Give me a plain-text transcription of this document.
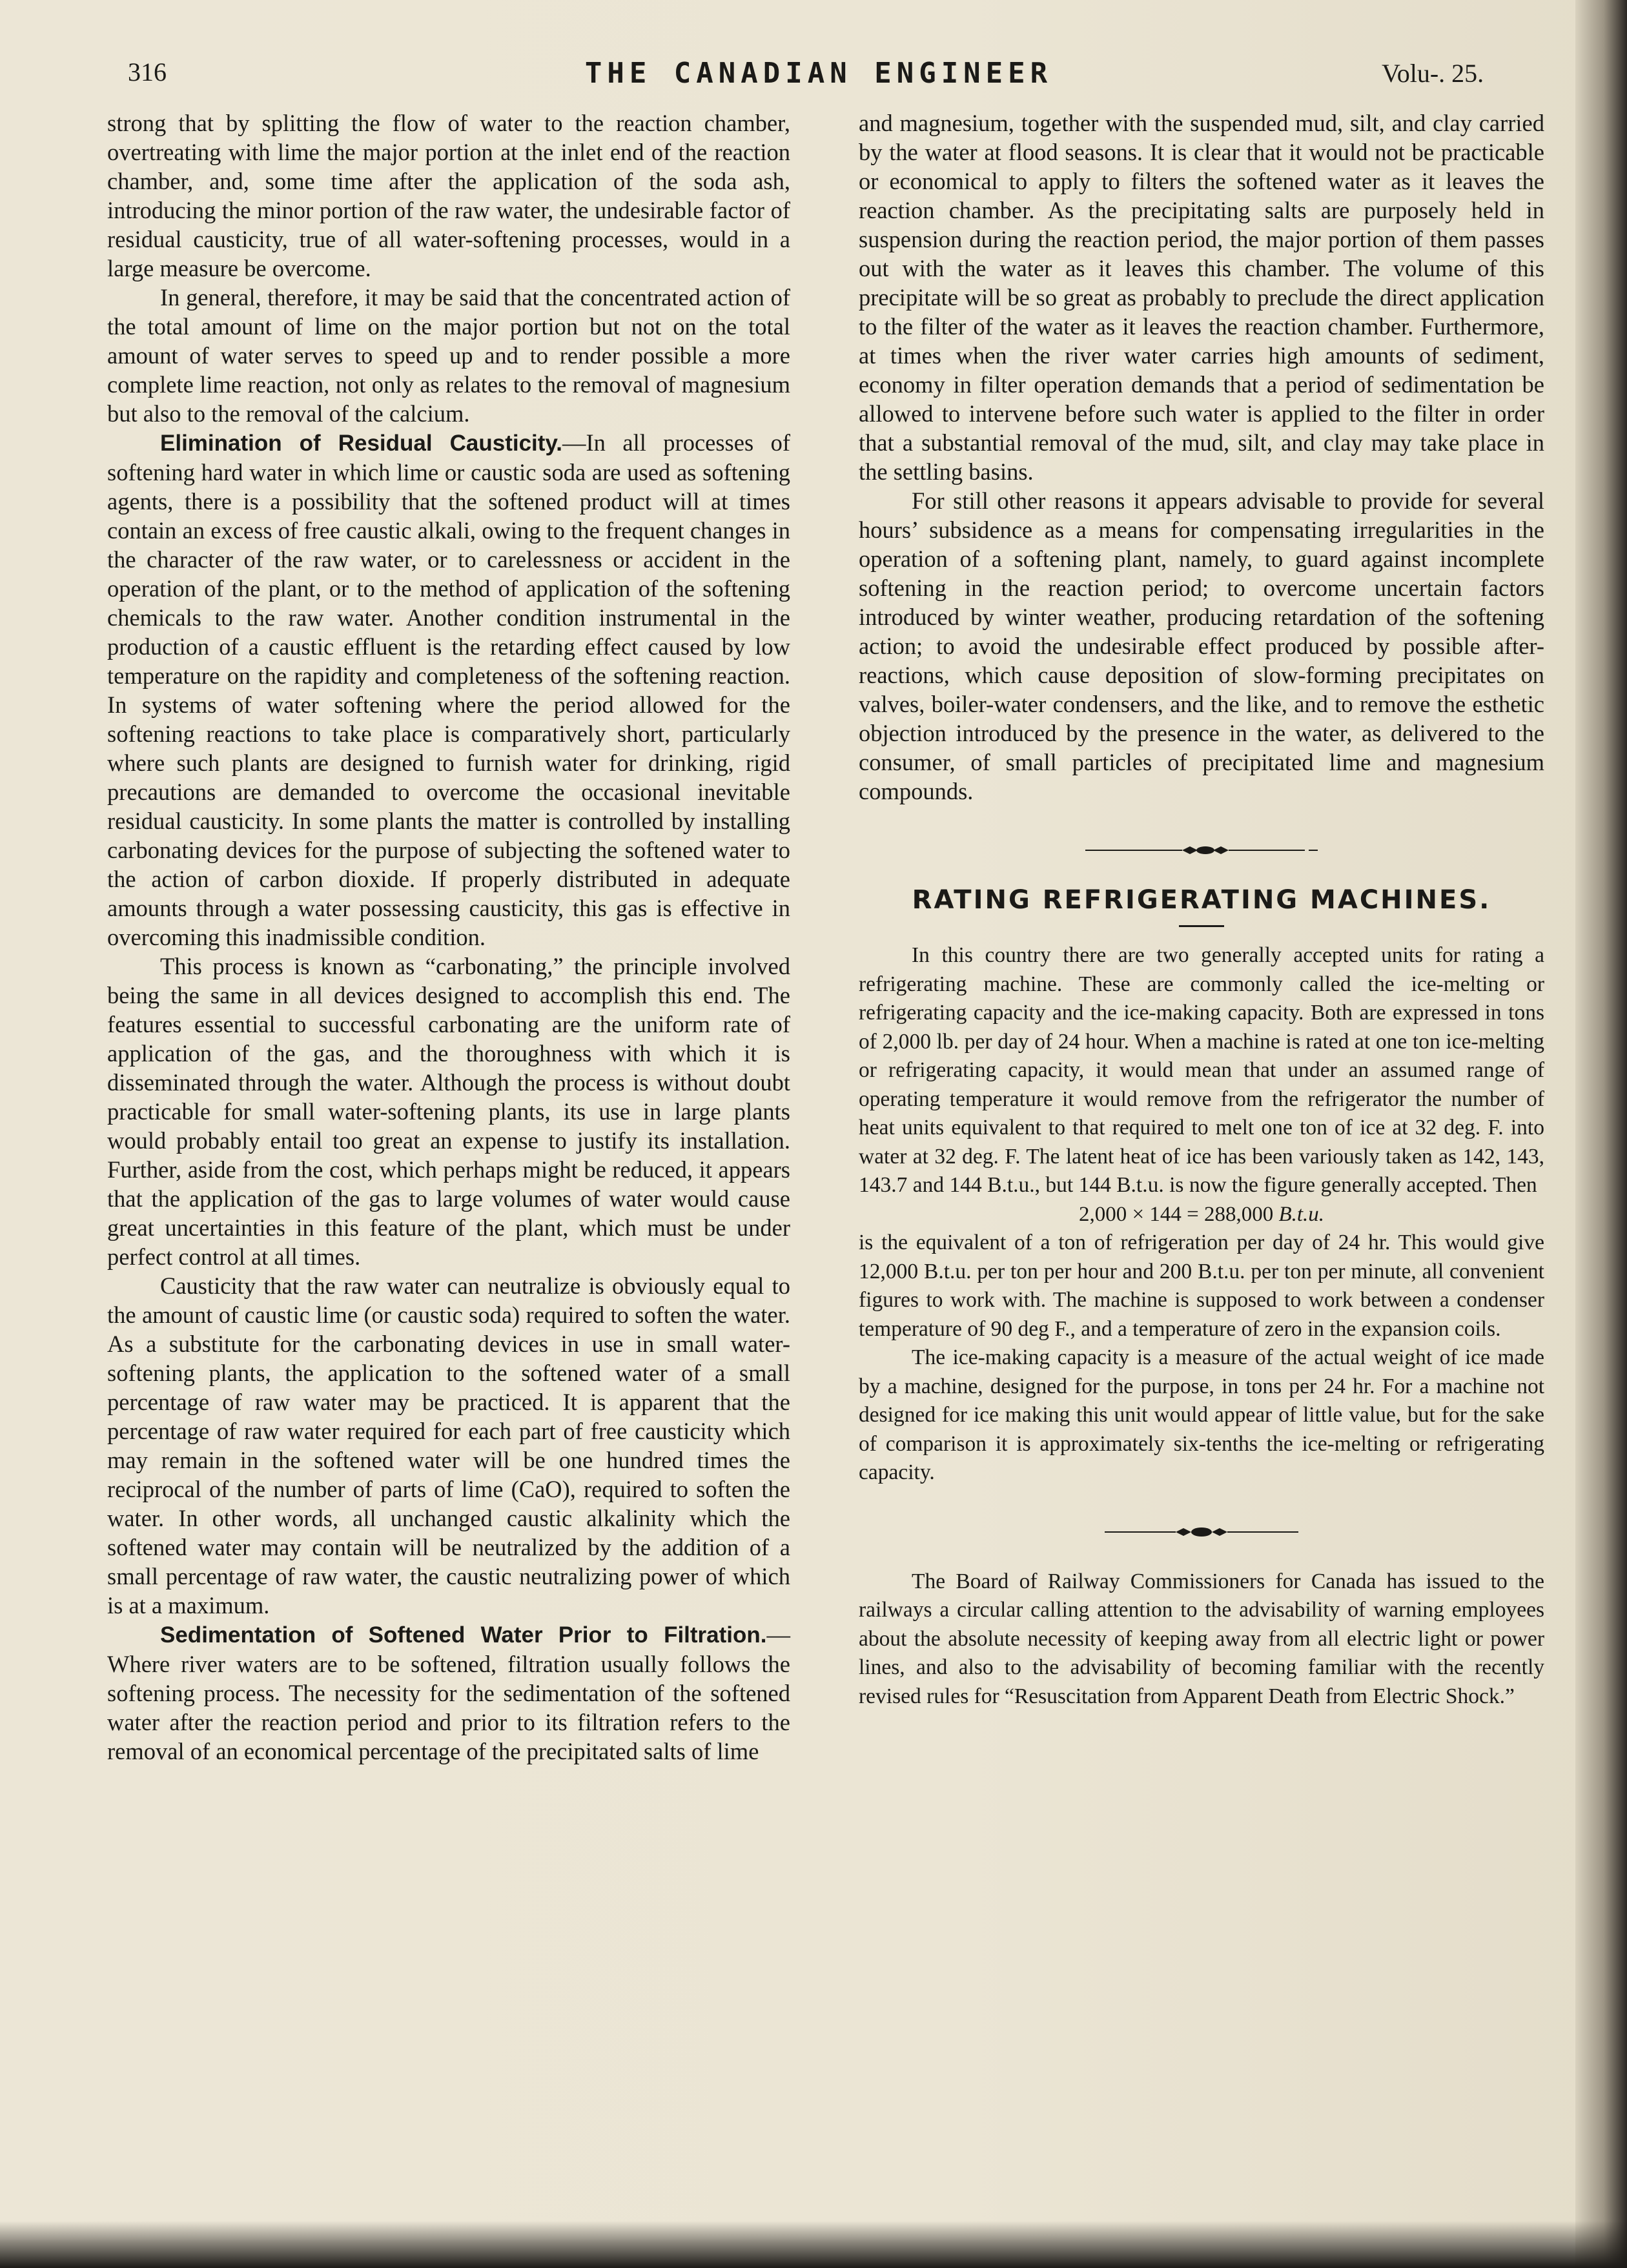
316	THE CANADIAN ENGINEER	Volu‐. 25.

strong that by splitting the flow of water to the reaction chamber, overtreating with lime the major portion at the inlet end of the reaction chamber, and, some time after the application of the soda ash, introducing the minor portion of the raw water, the undesirable factor of residual causticity, true of all water-softening processes, would in a large measure be overcome.

In general, therefore, it may be said that the concentrated action of the total amount of lime on the major portion but not on the total amount of water serves to speed up and to render possible a more complete lime reaction, not only as relates to the removal of magnesium but also to the removal of the calcium.

Elimination of Residual Causticity.—In all processes of softening hard water in which lime or caustic soda are used as softening agents, there is a possibility that the softened product will at times contain an excess of free caustic alkali, owing to the frequent changes in the character of the raw water, or to carelessness or accident in the operation of the plant, or to the method of application of the softening chemicals to the raw water. Another condition instrumental in the production of a caustic effluent is the retarding effect caused by low temperature on the rapidity and completeness of the softening reaction. In systems of water softening where the period allowed for the softening reactions to take place is comparatively short, particularly where such plants are designed to furnish water for drinking, rigid precautions are demanded to overcome the occasional inevitable residual causticity. In some plants the matter is controlled by installing carbonating devices for the purpose of subjecting the softened water to the action of carbon dioxide. If properly distributed in adequate amounts through a water possessing causticity, this gas is effective in overcoming this inadmissible condition.

This process is known as “carbonating,” the principle involved being the same in all devices designed to accomplish this end. The features essential to successful carbonating are the uniform rate of application of the gas, and the thoroughness with which it is disseminated through the water. Although the process is without doubt practicable for small water-softening plants, its use in large plants would probably entail too great an expense to justify its installation. Further, aside from the cost, which perhaps might be reduced, it appears that the application of the gas to large volumes of water would cause great uncertainties in this feature of the plant, which must be under perfect control at all times.

Causticity that the raw water can neutralize is obviously equal to the amount of caustic lime (or caustic soda) required to soften the water. As a substitute for the carbonating devices in use in small water-softening plants, the application to the softened water of a small percentage of raw water may be practiced. It is apparent that the percentage of raw water required for each part of free causticity which may remain in the softened water will be one hundred times the reciprocal of the number of parts of lime (CaO), required to soften the water. In other words, all unchanged caustic alkalinity which the softened water may contain will be neutralized by the addition of a small percentage of raw water, the caustic neutralizing power of which is at a maximum.

Sedimentation of Softened Water Prior to Filtration.—Where river waters are to be softened, filtration usually follows the softening process. The necessity for the sedimentation of the softened water after the reaction period and prior to its filtration refers to the removal of an economical percentage of the precipitated salts of lime

and magnesium, together with the suspended mud, silt, and clay carried by the water at flood seasons. It is clear that it would not be practicable or economical to apply to filters the softened water as it leaves the reaction chamber. As the precipitating salts are purposely held in suspension during the reaction period, the major portion of them passes out with the water as it leaves this chamber. The volume of this precipitate will be so great as probably to preclude the direct application to the filter of the water as it leaves the reaction chamber. Furthermore, at times when the river water carries high amounts of sediment, economy in filter operation demands that a period of sedimentation be allowed to intervene before such water is applied to the filter in order that a substantial removal of the mud, silt, and clay may take place in the settling basins.

For still other reasons it appears advisable to provide for several hours’ subsidence as a means for compensating irregularities in the operation of a softening plant, namely, to guard against incomplete softening in the reaction period; to overcome uncertain factors introduced by winter weather, producing retardation of the softening action; to avoid the undesirable effect produced by possible after-reactions, which cause deposition of slow-forming precipitates on valves, boiler-water condensers, and the like, and to remove the esthetic objection introduced by the presence in the water, as delivered to the consumer, of small particles of precipitated lime and magnesium compounds.

RATING REFRIGERATING MACHINES.

In this country there are two generally accepted units for rating a refrigerating machine. These are commonly called the ice-melting or refrigerating capacity and the ice-making capacity. Both are expressed in tons of 2,000 lb. per day of 24 hour. When a machine is rated at one ton ice-melting or refrigerating capacity, it would mean that under an assumed range of operating temperature it would remove from the refrigerator the number of heat units equivalent to that required to melt one ton of ice at 32 deg. F. into water at 32 deg. F. The latent heat of ice has been variously taken as 142, 143, 143.7 and 144 B.t.u., but 144 B.t.u. is now the figure generally accepted. Then

2,000 × 144 = 288,000 B.t.u.

is the equivalent of a ton of refrigeration per day of 24 hr. This would give 12,000 B.t.u. per ton per hour and 200 B.t.u. per ton per minute, all convenient figures to work with. The machine is supposed to work between a condenser temperature of 90 deg F., and a temperature of zero in the expansion coils.

The ice-making capacity is a measure of the actual weight of ice made by a machine, designed for the purpose, in tons per 24 hr. For a machine not designed for ice making this unit would appear of little value, but for the sake of comparison it is approximately six-tenths the ice-melting or refrigerating capacity.

The Board of Railway Commissioners for Canada has issued to the railways a circular calling attention to the advisability of warning employees about the absolute necessity of keeping away from all electric light or power lines, and also to the advisability of becoming familiar with the recently revised rules for “Resuscitation from Apparent Death from Electric Shock.”
